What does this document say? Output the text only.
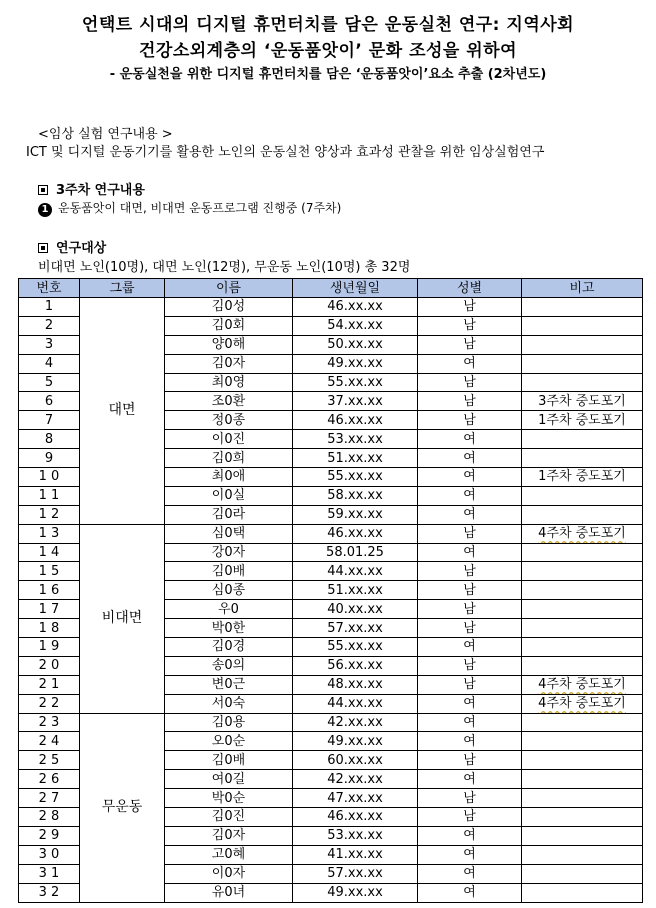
언택트 시대의 디지털 휴먼터치를 담은 운동실천 연구: 지역사회
건강소외계층의 ‘운동품앗이’ 문화 조성을 위하여
- 운동실천을 위한 디지털 휴먼터치를 담은 ‘운동품앗이’요소 추출 (2차년도)
<임상 실험 연구내용 >
ICT 및 디지털 운동기기를 활용한 노인의 운동실천 양상과 효과성 관찰을 위한 임상실험연구
3주차 연구내용
1 운동품앗이 대면, 비대면 운동프로그램 진행중 (7주차)
연구대상
비대면 노인(10명), 대면 노인(12명), 무운동 노인(10명) 총 32명
번호	그룹	이름	생년월일	성별	비고
1	대면	김0성	46.xx.xx	남	
2		김0회	54.xx.xx	남	
3		양0해	50.xx.xx	남	
4		김0자	49.xx.xx	여	
5		최0영	55.xx.xx	남	
6		조0환	37.xx.xx	남	3주차 중도포기
7		정0종	46.xx.xx	남	1주차 중도포기
8		이0진	53.xx.xx	여	
9		김0희	51.xx.xx	여	
1 0		최0애	55.xx.xx	여	1주차 중도포기
1 1		이0실	58.xx.xx	여	
1 2		김0라	59.xx.xx	여	
1 3	비대면	심0택	46.xx.xx	남	4주차 중도포기
1 4		강0자	58.01.25	여	
1 5		김0배	44.xx.xx	남	
1 6		심0종	51.xx.xx	남	
1 7		우0	40.xx.xx	남	
1 8		박0한	57.xx.xx	남	
1 9		김0경	55.xx.xx	여	
2 0		송0의	56.xx.xx	남	
2 1		변0근	48.xx.xx	남	4주차 중도포기
2 2		서0숙	44.xx.xx	여	4주차 중도포기
2 3	무운동	김0용	42.xx.xx	여	
2 4		오0순	49.xx.xx	여	
2 5		김0배	60.xx.xx	남	
2 6		여0길	42.xx.xx	여	
2 7		박0순	47.xx.xx	남	
2 8		김0진	46.xx.xx	남	
2 9		김0자	53.xx.xx	여	
3 0		고0혜	41.xx.xx	여	
3 1		이0자	57.xx.xx	여	
3 2		유0녀	49.xx.xx	여	
